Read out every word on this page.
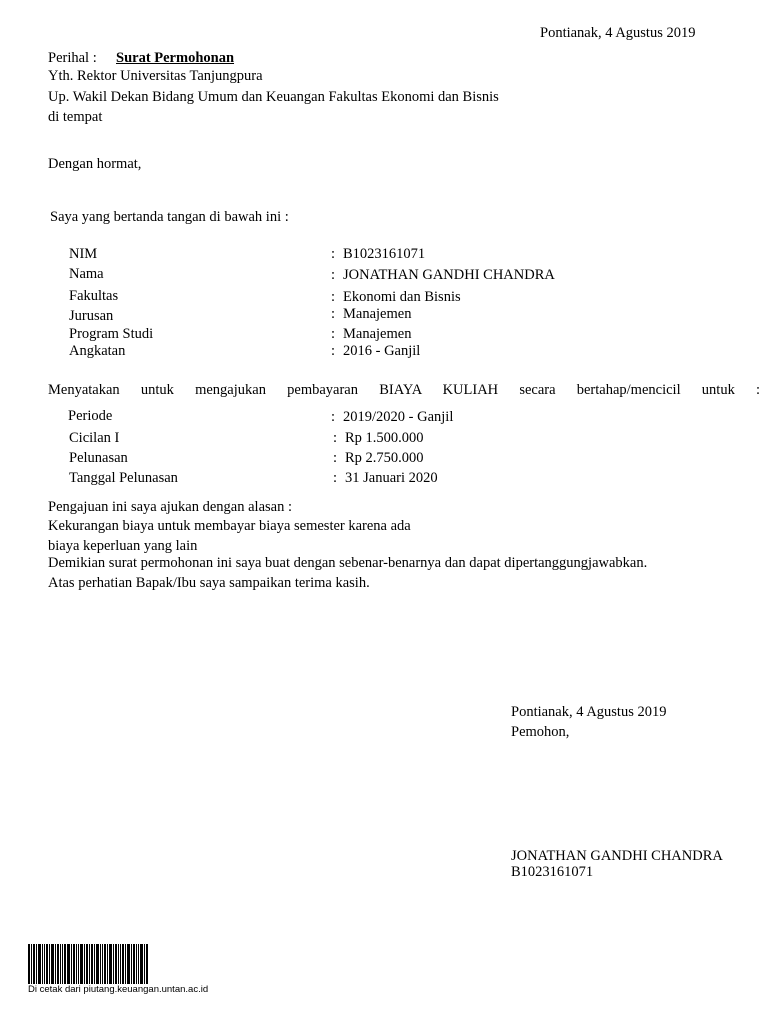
Pontianak, 4 Agustus 2019
Perihal : Surat Permohonan
Yth. Rektor Universitas Tanjungpura
Up. Wakil Dekan Bidang Umum dan Keuangan Fakultas Ekonomi dan Bisnis
di tempat
Dengan hormat,
Saya yang bertanda tangan di bawah ini :
NIM	: B1023161071
Nama	: JONATHAN GANDHI CHANDRA
Fakultas	: Ekonomi dan Bisnis
Jurusan	: Manajemen
Program Studi	: Manajemen
Angkatan	: 2016 - Ganjil
Menyatakan untuk mengajukan pembayaran BIAYA KULIAH secara bertahap/mencicil untuk :
Periode	: 2019/2020 - Ganjil
Cicilan I	: Rp 1.500.000
Pelunasan	: Rp 2.750.000
Tanggal Pelunasan	: 31 Januari 2020
Pengajuan ini saya ajukan dengan alasan :
Kekurangan biaya untuk membayar biaya semester karena ada
biaya keperluan yang lain
Demikian surat permohonan ini saya buat dengan sebenar-benarnya dan dapat dipertanggungjawabkan.
Atas perhatian Bapak/Ibu saya sampaikan terima kasih.
Pontianak, 4 Agustus 2019
Pemohon,
JONATHAN GANDHI CHANDRA
B1023161071
Di cetak dari piutang.keuangan.untan.ac.id
